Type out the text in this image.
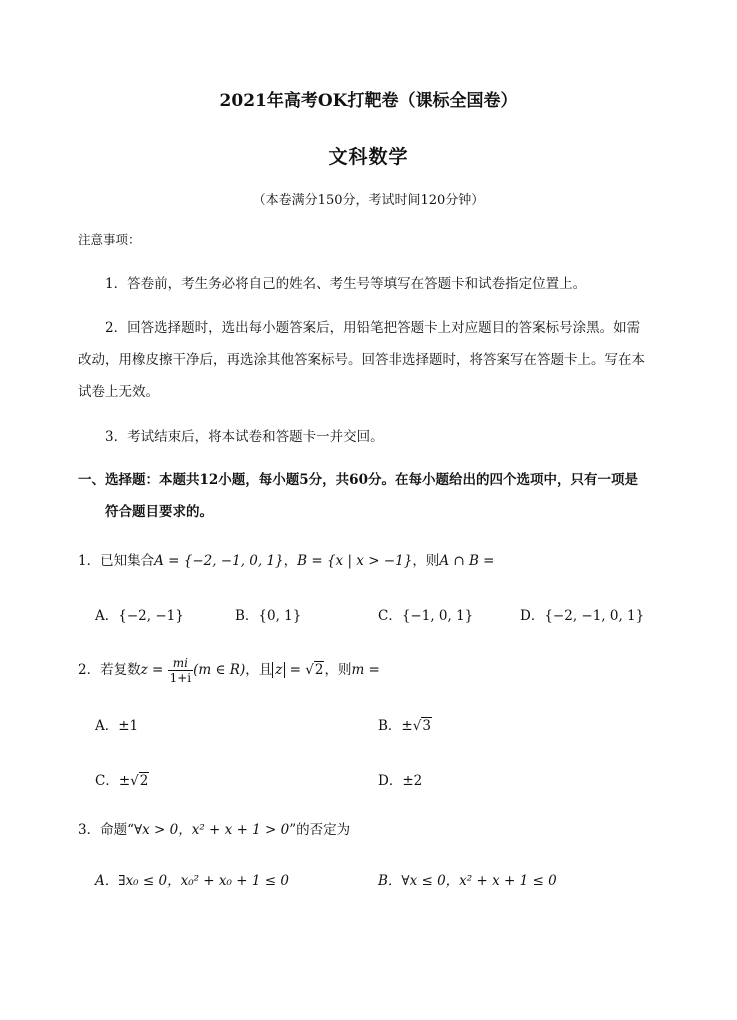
2021年高考OK打靶卷（课标全国卷）
文科数学
（本卷满分150分，考试时间120分钟）
注意事项：
1．答卷前，考生务必将自己的姓名、考生号等填写在答题卡和试卷指定位置上。
2．回答选择题时，选出每小题答案后，用铅笔把答题卡上对应题目的答案标号涂黑。如需
改动，用橡皮擦干净后，再选涂其他答案标号。回答非选择题时，将答案写在答题卡上。写在本
试卷上无效。
3．考试结束后，将本试卷和答题卡一并交回。
一、选择题：本题共12小题，每小题5分，共60分。在每小题给出的四个选项中，只有一项是
符合题目要求的。
1．已知集合A = {−2, −1, 0, 1}，B = {x | x > −1}，则A ∩ B =
A．{−2, −1}	B．{0, 1}	C．{−1, 0, 1}	D．{−2, −1, 0, 1}
2．若复数$z = \frac{mi}{1+i} (m$ ∈ R)，且 z = √2，则m =
A．±1	B．±√3
C．±√2	D．±2
3．命题“∀x > 0，x² + x + 1 > 0”的否定为
A．∃x₀ ≤ 0，x₀² + x₀ + 1 ≤ 0	B．∀x ≤ 0，x² + x + 1 ≤ 0
